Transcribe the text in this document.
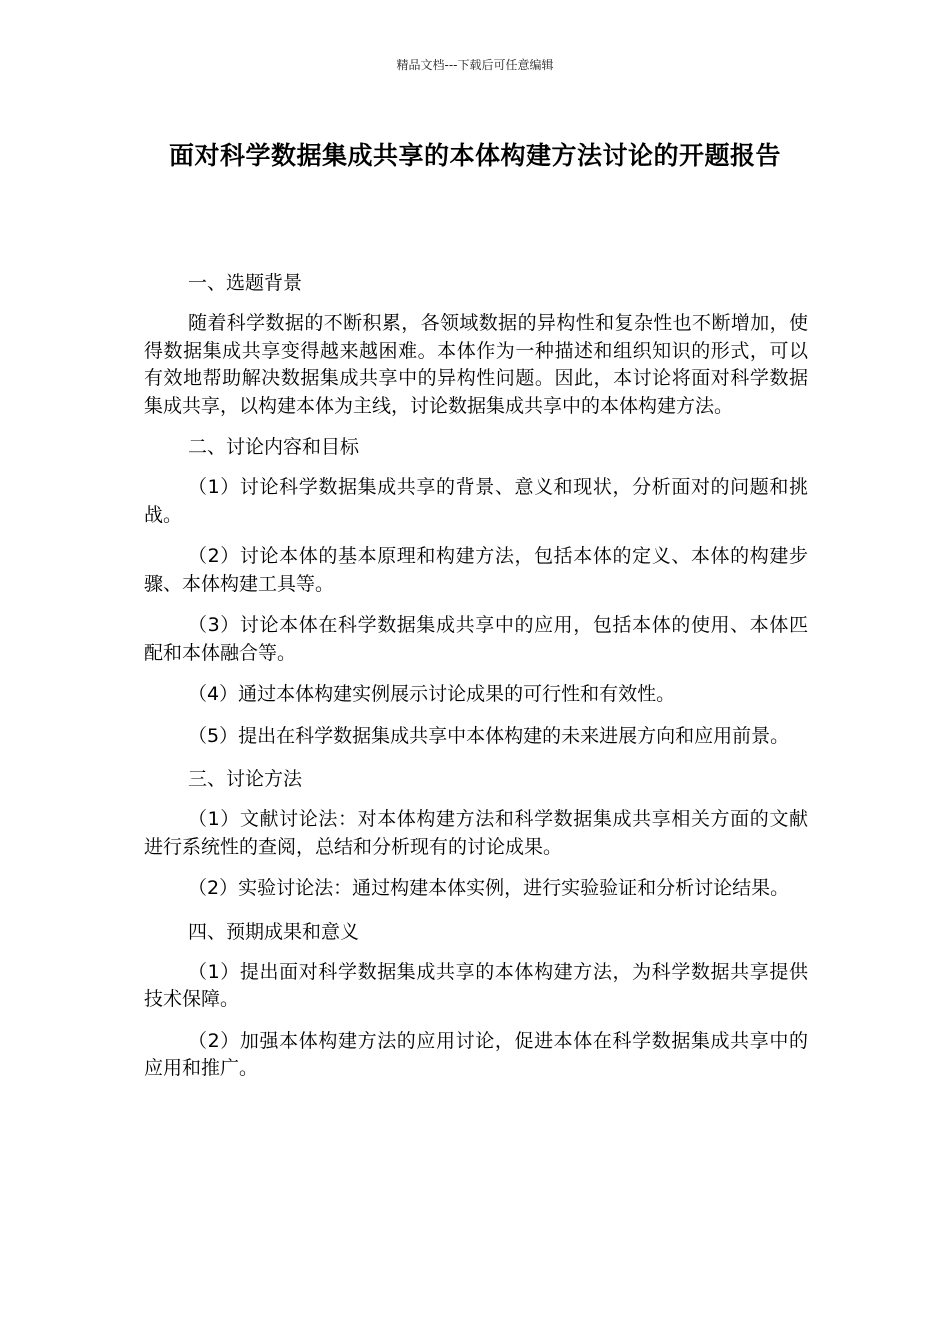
精品文档---下载后可任意编辑
面对科学数据集成共享的本体构建方法讨论的开题报告
一、选题背景

随着科学数据的不断积累，各领域数据的异构性和复杂性也不断增加，使得数据集成共享变得越来越困难。本体作为一种描述和组织知识的形式，可以有效地帮助解决数据集成共享中的异构性问题。因此，本讨论将面对科学数据集成共享，以构建本体为主线，讨论数据集成共享中的本体构建方法。

二、讨论内容和目标

（1）讨论科学数据集成共享的背景、意义和现状，分析面对的问题和挑战。

（2）讨论本体的基本原理和构建方法，包括本体的定义、本体的构建步骤、本体构建工具等。

（3）讨论本体在科学数据集成共享中的应用，包括本体的使用、本体匹配和本体融合等。

（4）通过本体构建实例展示讨论成果的可行性和有效性。

（5）提出在科学数据集成共享中本体构建的未来进展方向和应用前景。

三、讨论方法

（1）文献讨论法：对本体构建方法和科学数据集成共享相关方面的文献进行系统性的查阅，总结和分析现有的讨论成果。

（2）实验讨论法：通过构建本体实例，进行实验验证和分析讨论结果。

四、预期成果和意义

（1）提出面对科学数据集成共享的本体构建方法，为科学数据共享提供技术保障。

（2）加强本体构建方法的应用讨论，促进本体在科学数据集成共享中的应用和推广。
